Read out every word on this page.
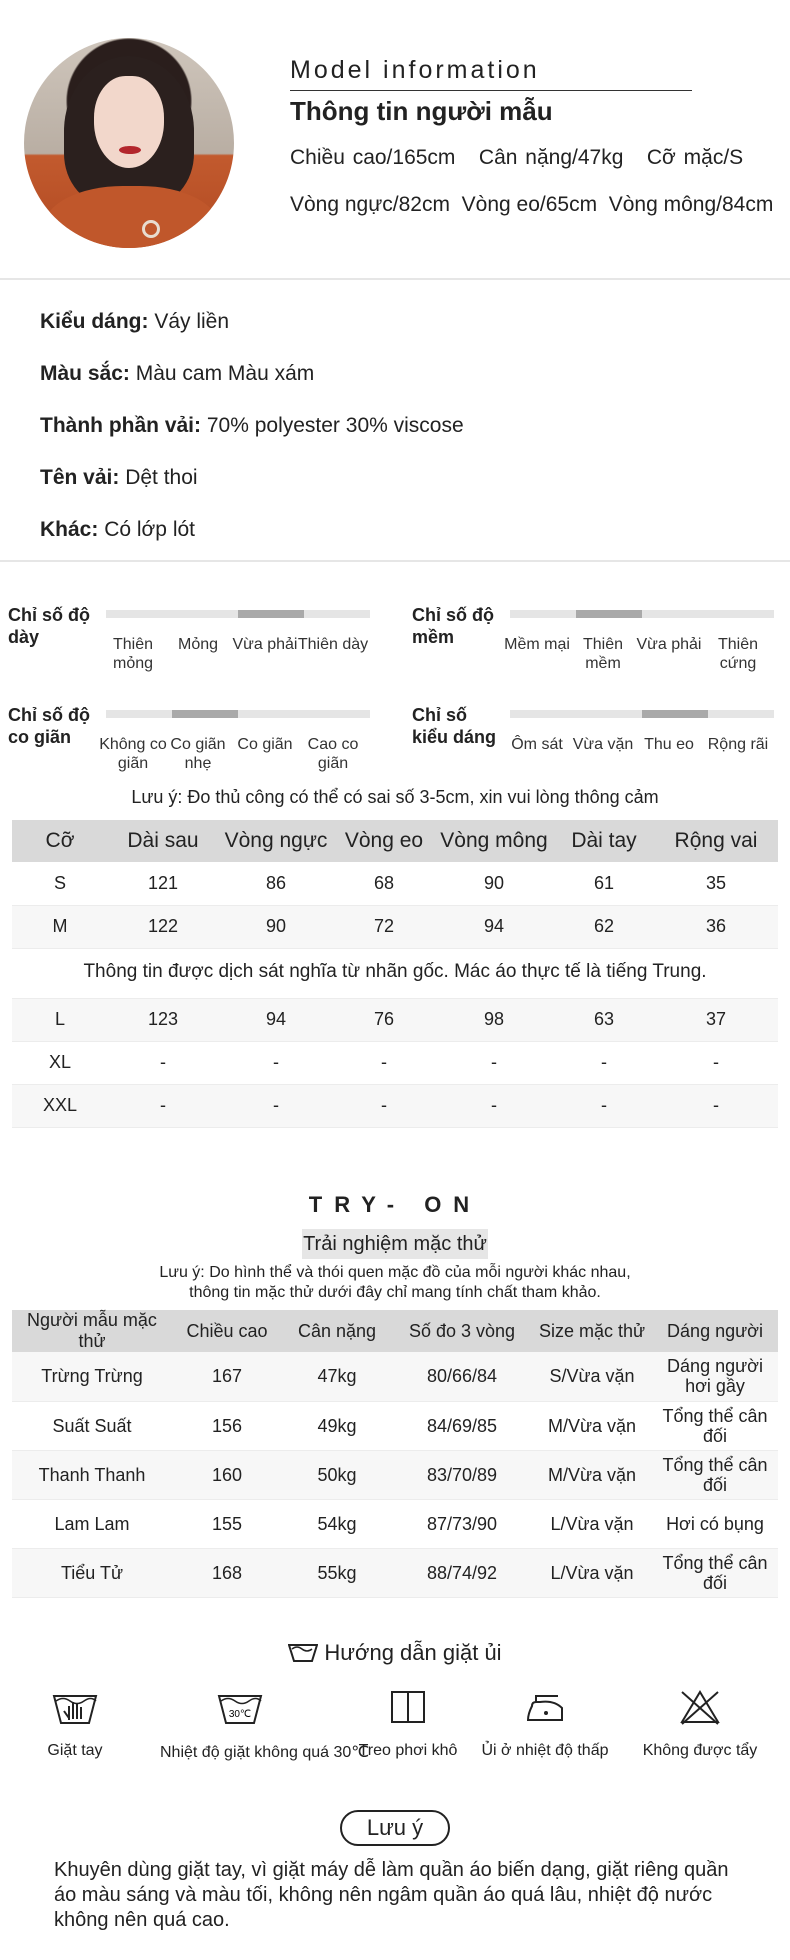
Model information
Thông tin người mẫu
Chiều cao/165cm   Cân nặng/47kg   Cỡ mặc/S
Vòng ngực/82cm  Vòng eo/65cm  Vòng mông/84cm
Kiểu dáng: Váy liền
Màu sắc: Màu cam Màu xám
Thành phần vải: 70% polyester 30% viscose
Tên vải: Dệt thoi
Khác: Có lớp lót
Chỉ số độ dày	Thiên mỏng
Mỏng Vừa phải Thiên dày
Chỉ số độ mềm	Mềm mại Thiên mềm
Vừa phải	Thiên cứng
Chỉ số độ co giãn	Không co giãn
Co giãn nhẹ
Co giãn Cao co giãn
Chỉ số kiểu dáng Ôm sát Vừa vặn Thu eo Rộng rãi
Lưu ý: Đo thủ công có thể có sai số 3-5cm, xin vui lòng thông cảm
Cỡ	Dài sau	Vòng ngực	Vòng eo	Vòng mông	Dài tay	Rộng vai
S	121	86	68	90	61	35
M	122	90	72	94	62	36

L	123	94	76	98	63	37
XL	-	-	-	-	-	-
XXL	-	-	-	-	-	-
Thông tin được dịch sát nghĩa từ nhãn gốc. Mác áo thực tế là tiếng Trung.
TRY- ON
Trải nghiệm mặc thử
Lưu ý: Do hình thể và thói quen mặc đồ của mỗi người khác nhau,
thông tin mặc thử dưới đây chỉ mang tính chất tham khảo.
Người mẫu mặc thử	Chiều cao	Cân nặng	Số đo 3 vòng	Size mặc thử	Dáng người
Trừng Trừng	167	47kg	80/66/84	S/Vừa vặn	Dáng người hơi gầy
Suất Suất	156	49kg	84/69/85	M/Vừa vặn	Tổng thể cân đối
Thanh Thanh	160	50kg	83/70/89	M/Vừa vặn	Tổng thể cân đối
Lam Lam	155	54kg	87/73/90	L/Vừa vặn	Hơi có bụng
Tiểu Tử	168	55kg	88/74/92	L/Vừa vặn	Tổng thể cân đối
Hướng dẫn giặt ủi
Giặt tay
30℃
Nhiệt độ giặt không quá 30℃
Treo phơi khô	Ủi ở nhiệt độ thấp	Không được tẩy
Lưu ý
Khuyên dùng giặt tay, vì giặt máy dễ làm quần áo biến dạng, giặt riêng quần áo màu sáng và màu tối, không nên ngâm quần áo quá lâu, nhiệt độ nước không nên quá cao.
